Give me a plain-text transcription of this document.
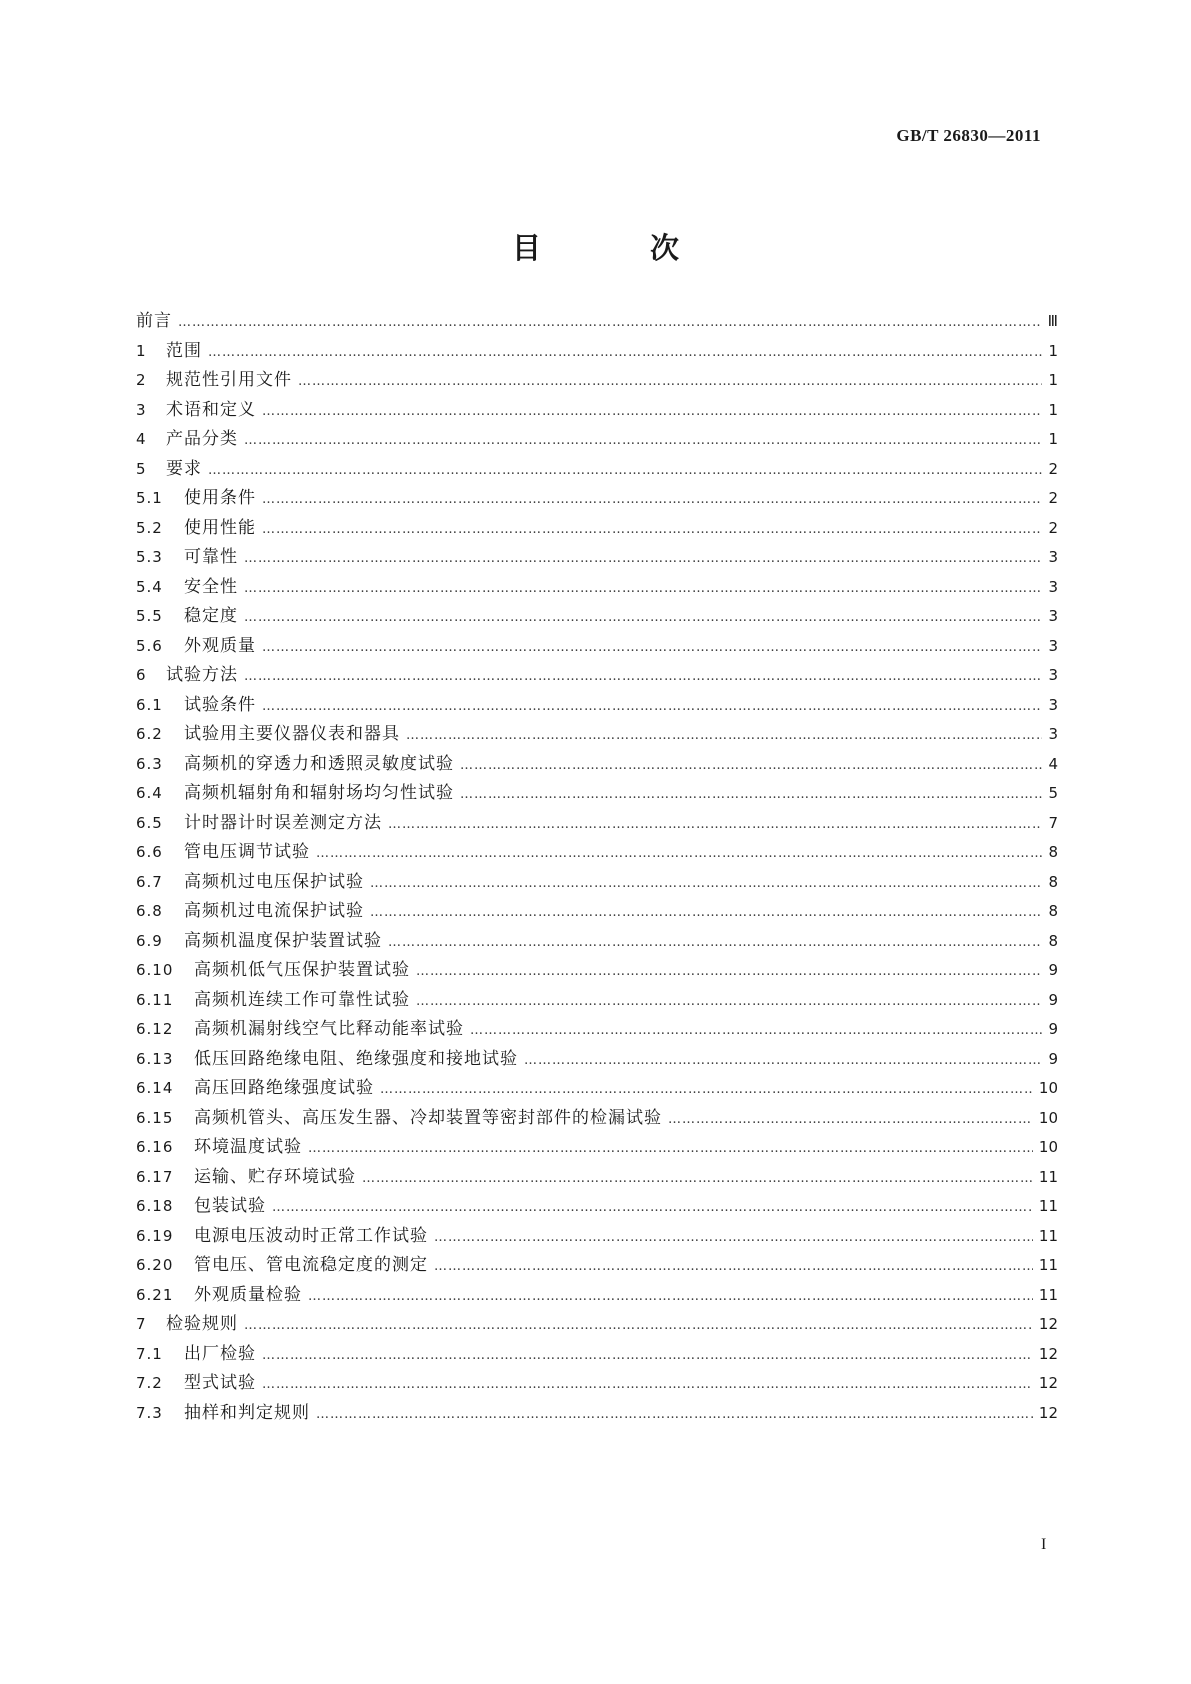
GB/T 26830—2011
目　次
前言 ………………………………………………………………………………………………………………………………………………………………………………………………………………………………	Ⅲ
1	范围 ………………………………………………………………………………………………………………………………………………………………………………………………………………………………	1
2	规范性引用文件 ………………………………………………………………………………………………………………………………………………………………………………………………………………………………	1
3	术语和定义 ………………………………………………………………………………………………………………………………………………………………………………………………………………………………	1
4	产品分类 ………………………………………………………………………………………………………………………………………………………………………………………………………………………………	1
5	要求 ………………………………………………………………………………………………………………………………………………………………………………………………………………………………	2
5.1	使用条件 ………………………………………………………………………………………………………………………………………………………………………………………………………………………………	2
5.2	使用性能 ………………………………………………………………………………………………………………………………………………………………………………………………………………………………	2
5.3	可靠性 ………………………………………………………………………………………………………………………………………………………………………………………………………………………………	3
5.4	安全性 ………………………………………………………………………………………………………………………………………………………………………………………………………………………………	3
5.5	稳定度 ………………………………………………………………………………………………………………………………………………………………………………………………………………………………	3
5.6	外观质量 ………………………………………………………………………………………………………………………………………………………………………………………………………………………………	3
6	试验方法 ………………………………………………………………………………………………………………………………………………………………………………………………………………………………	3
6.1	试验条件 ………………………………………………………………………………………………………………………………………………………………………………………………………………………………	3
6.2	试验用主要仪器仪表和器具 ………………………………………………………………………………………………………………………………………………………………………………………………………………………………	3
6.3	高频机的穿透力和透照灵敏度试验 ………………………………………………………………………………………………………………………………………………………………………………………………………………………………	4
6.4	高频机辐射角和辐射场均匀性试验 ………………………………………………………………………………………………………………………………………………………………………………………………………………………………	5
6.5	计时器计时误差测定方法 ………………………………………………………………………………………………………………………………………………………………………………………………………………………………	7
6.6	管电压调节试验 ………………………………………………………………………………………………………………………………………………………………………………………………………………………………	8
6.7	高频机过电压保护试验 ………………………………………………………………………………………………………………………………………………………………………………………………………………………………	8
6.8	高频机过电流保护试验 ………………………………………………………………………………………………………………………………………………………………………………………………………………………………	8
6.9	高频机温度保护装置试验 ………………………………………………………………………………………………………………………………………………………………………………………………………………………………	8
6.10	高频机低气压保护装置试验 ………………………………………………………………………………………………………………………………………………………………………………………………………………………………	9
6.11	高频机连续工作可靠性试验 ………………………………………………………………………………………………………………………………………………………………………………………………………………………………	9
6.12	高频机漏射线空气比释动能率试验 ………………………………………………………………………………………………………………………………………………………………………………………………………………………………	9
6.13	低压回路绝缘电阻、绝缘强度和接地试验 ………………………………………………………………………………………………………………………………………………………………………………………………………………………………	9
6.14	高压回路绝缘强度试验 ………………………………………………………………………………………………………………………………………………………………………………………………………………………………	10
6.15	高频机管头、高压发生器、冷却装置等密封部件的检漏试验 ………………………………………………………………………………………………………………………………………………………………………………………………………………………………	10
6.16	环境温度试验 ………………………………………………………………………………………………………………………………………………………………………………………………………………………………	10
6.17	运输、贮存环境试验 ………………………………………………………………………………………………………………………………………………………………………………………………………………………………	11
6.18	包装试验 ………………………………………………………………………………………………………………………………………………………………………………………………………………………………	11
6.19	电源电压波动时正常工作试验 ………………………………………………………………………………………………………………………………………………………………………………………………………………………………	11
6.20	管电压、管电流稳定度的测定 ………………………………………………………………………………………………………………………………………………………………………………………………………………………………	11
6.21	外观质量检验 ………………………………………………………………………………………………………………………………………………………………………………………………………………………………	11
7	检验规则 ………………………………………………………………………………………………………………………………………………………………………………………………………………………………	12
7.1	出厂检验 ………………………………………………………………………………………………………………………………………………………………………………………………………………………………	12
7.2	型式试验 ………………………………………………………………………………………………………………………………………………………………………………………………………………………………	12
7.3	抽样和判定规则 ………………………………………………………………………………………………………………………………………………………………………………………………………………………………	12
I
